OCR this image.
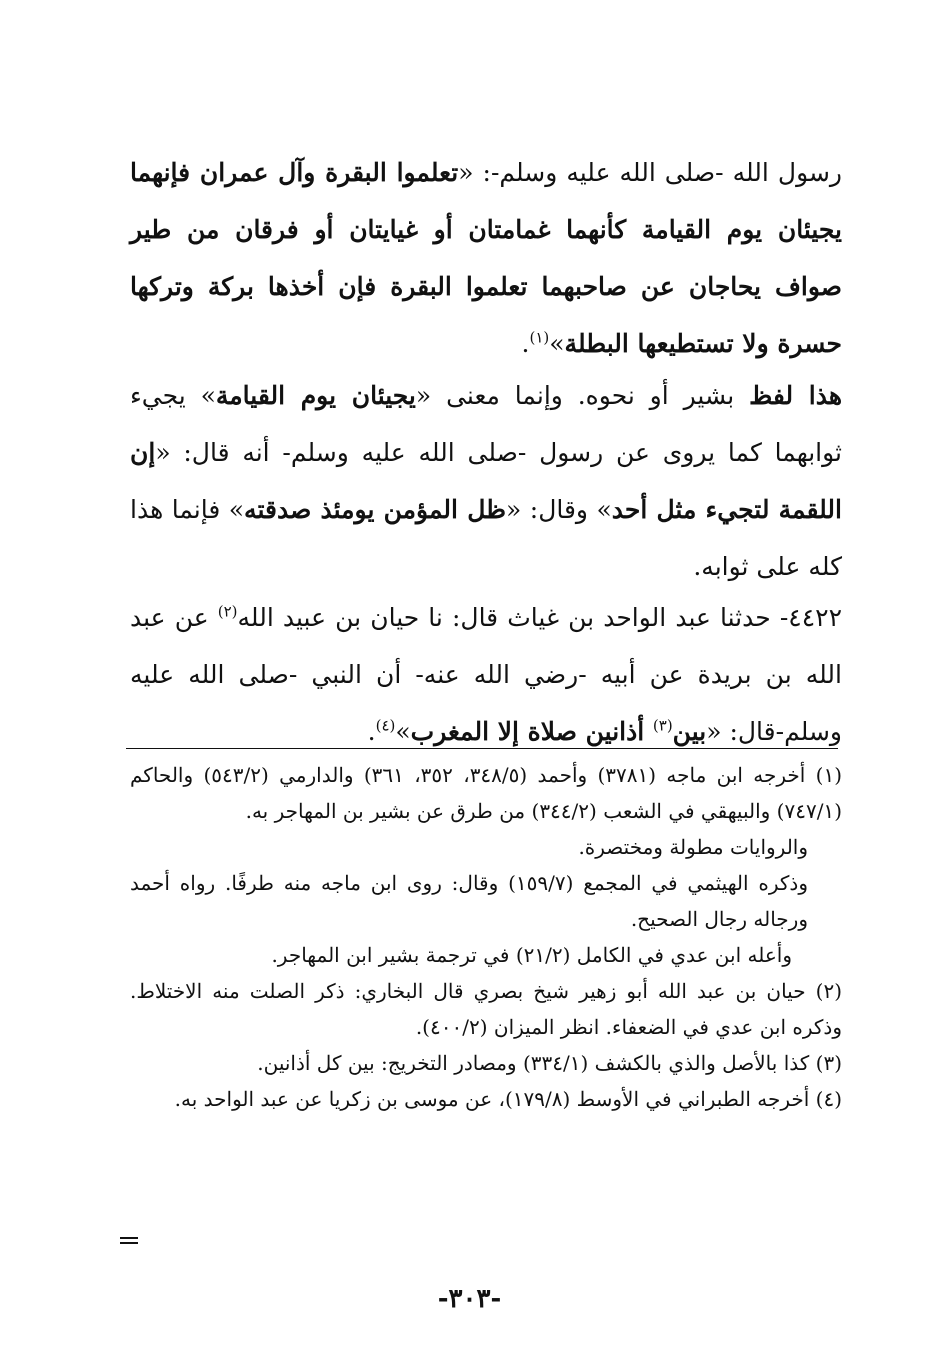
رسول الله -صلى الله عليه وسلم-: «تعلموا البقرة وآل عمران فإنهما يجيئان يوم القيامة كأنهما غمامتان أو غيايتان أو فرقان من طير صواف يحاجان عن صاحبهما تعلموا البقرة فإن أخذها بركة وتركها حسرة ولا تستطيعها البطلة»$^{(١)}$.

هذا لفظ بشير أو نحوه. وإنما معنى «يجيئان يوم القيامة» يجيء ثوابهما كما يروى عن رسول -صلى الله عليه وسلم- أنه قال: «إن اللقمة لتجيء مثل أحد» وقال: «ظل المؤمن يومئذ صدقته» فإنما هذا كله على ثوابه.

٤٤٢٢- حدثنا عبد الواحد بن غياث قال: نا حيان بن عبيد الله$^{(٢)}$ عن عبد الله بن بريدة عن أبيه -رضي الله عنه- أن النبي -صلى الله عليه وسلم-قال: «بين$^{(٣)}$ أذانين صلاة إلا المغرب»$^{(٤)}$.

(١) أخرجه ابن ماجه (٣٧٨١) وأحمد (٣٤٨/٥، ٣٥٢، ٣٦١) والدارمي (٥٤٣/٢) والحاكم (٧٤٧/١) والبيهقي في الشعب (٣٤٤/٢) من طرق عن بشير بن المهاجر به.

والروايات مطولة ومختصرة.

وذكره الهيثمي في المجمع (١٥٩/٧) وقال: روى ابن ماجه منه طرفًا. رواه أحمد ورجاله رجال الصحيح.

وأعله ابن عدي في الكامل (٢١/٢) في ترجمة بشير ابن المهاجر.

(٢) حيان بن عبد الله أبو زهير شيخ بصري قال البخاري: ذكر الصلت منه الاختلاط. وذكره ابن عدي في الضعفاء. انظر الميزان (٤٠٠/٢).

(٣) كذا بالأصل والذي بالكشف (٣٣٤/١) ومصادر التخريج: بين كل أذانين.

(٤) أخرجه الطبراني في الأوسط (١٧٩/٨)، عن موسى بن زكريا عن عبد الواحد به.

-٣٠٣-
